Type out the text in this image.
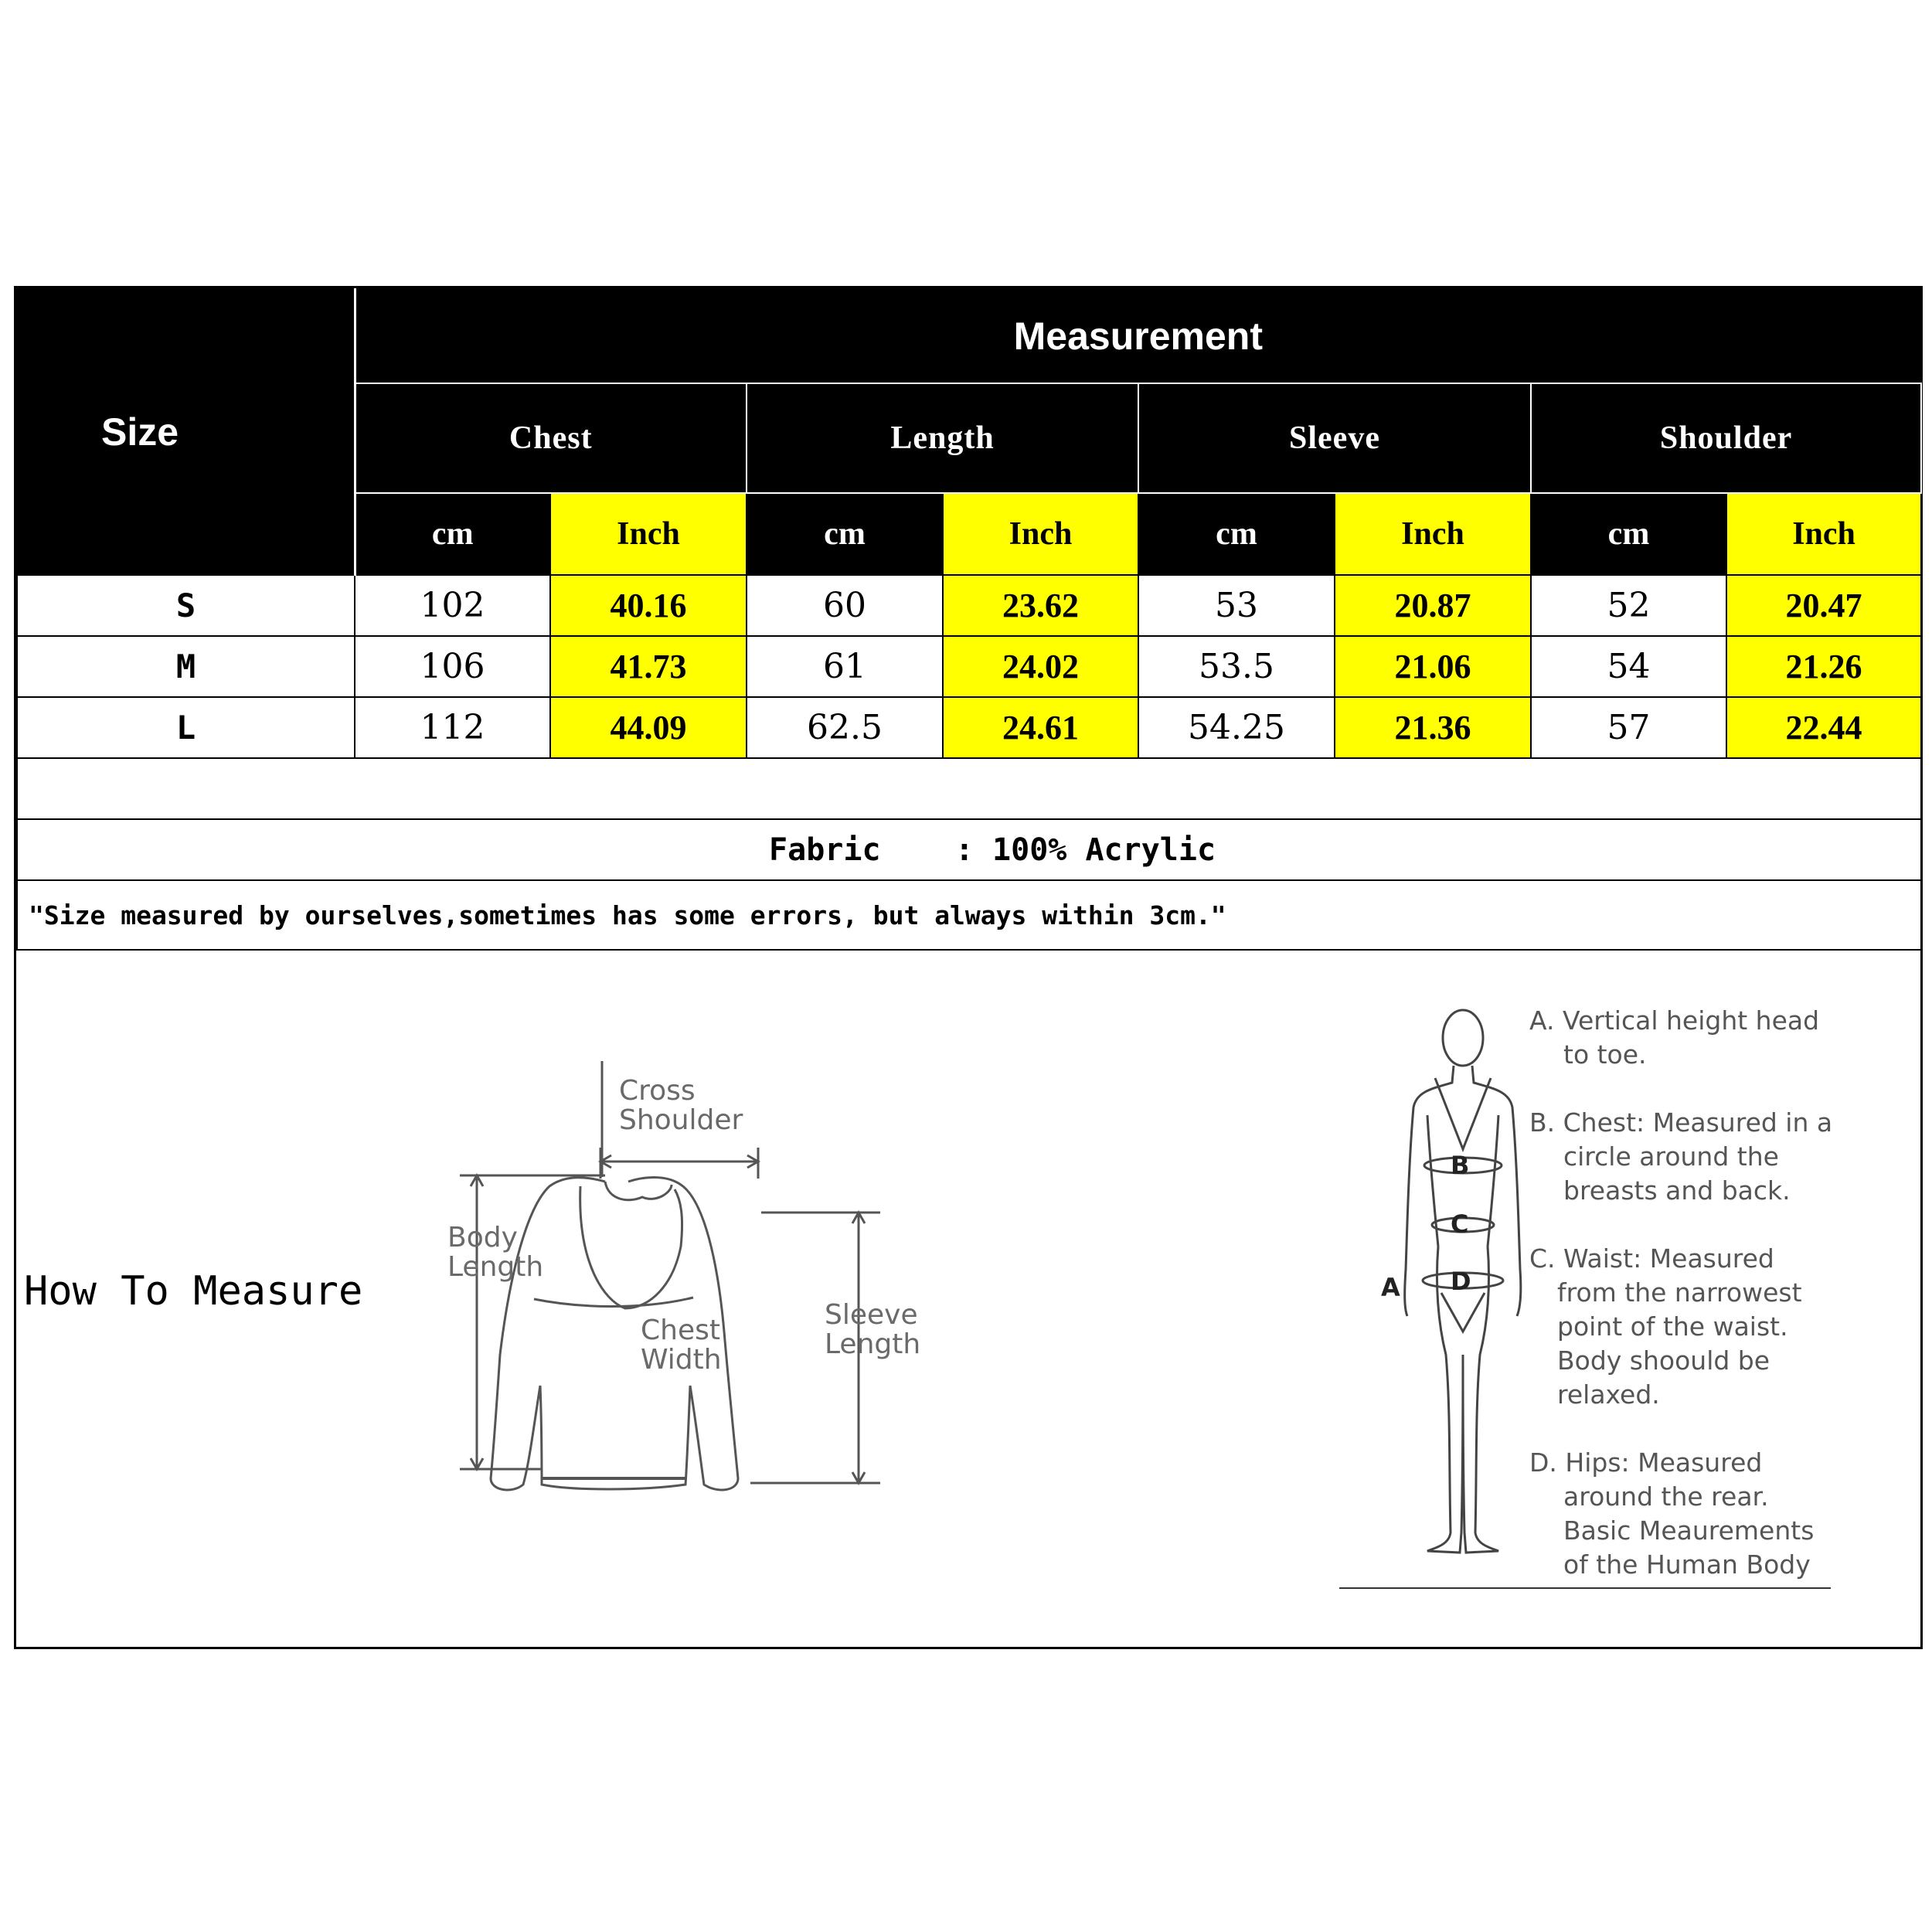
Size	Measurement							
	Chest		Length		Sleeve		Shoulder	
	cm	Inch	cm	Inch	cm	Inch	cm	Inch
S	102	40.16	60	23.62	53	20.87	52	20.47
M	106	41.73	61	24.02	53.5	21.06	54	21.26
L	112	44.09	62.5	24.61	54.25	21.36	57	22.44

Fabric : 100% Acrylic								
"Size measured by ourselves,sometimes has some errors, but always within 3cm."								
How To Measure
Cross
Shoulder
Body
Length
Chest
Width
Sleeve
Length
B
C
D
A

A. Vertical height head

to toe.

B. Chest: Measured in a

circle around the
breasts and back.

C. Waist: Measured

from the narrowest
point of the waist.
Body shoould be
relaxed.

D. Hips: Measured

around the rear.
Basic Meaurements
of the Human Body
